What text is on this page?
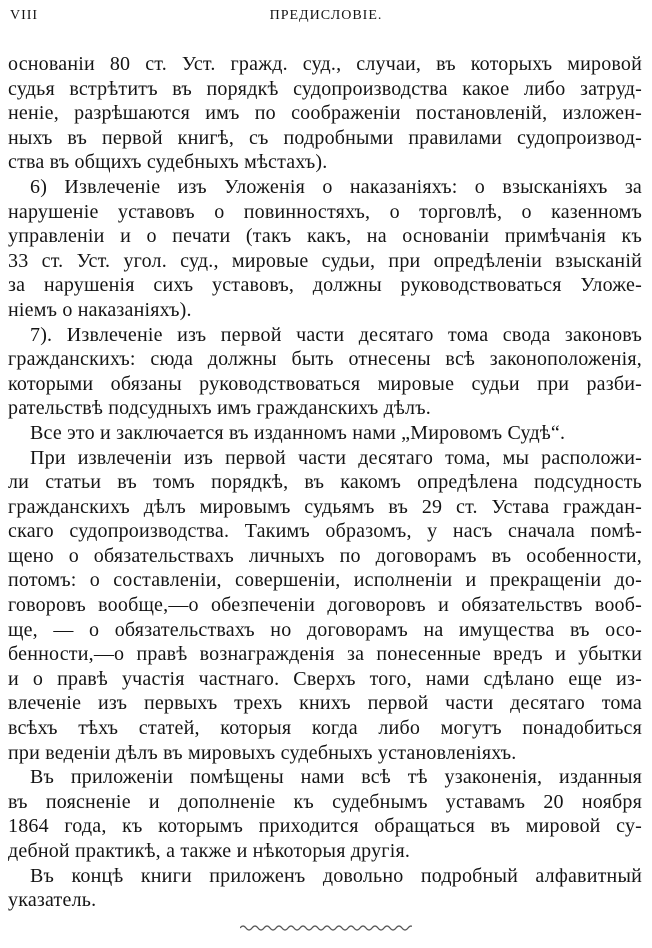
VIII	ПРЕДИСЛОВІЕ.
основанiи 80 ст. Уст. гражд. суд., случаи, въ которыхъ мировой
судья встрѣтитъ въ порядкѣ судопроизводства какое либо затруд-
ненiе, разрѣшаются имъ по соображенiи постановленiй, изложен-
ныхъ въ первой книгѣ, съ подробными правилами судопроизвод-
ства въ общихъ судебныхъ мѣстахъ).
6) Извлеченiе изъ Уложенiя о наказанiяхъ: о взысканiяхъ за
нарушенiе уставовъ о повинностяхъ, о торговлѣ, о казенномъ
управленiи и о печати (такъ какъ, на основанiи примѣчанiя къ
33 ст. Уст. угол. суд., мировые судьи, при опредѣленiи взысканiй
за нарушенiя сихъ уставовъ, должны руководствоваться Уложе-
нiемъ о наказанiяхъ).
7). Извлеченiе изъ первой части десятаго тома свода законовъ
гражданскихъ: сюда должны быть отнесены всѣ законоположенiя,
которыми обязаны руководствоваться мировые судьи при разби-
рательствѣ подсудныхъ имъ гражданскихъ дѣлъ.
Все это и заключается въ изданномъ нами „Мировомъ Судѣ“.
При извлеченiи изъ первой части десятаго тома, мы расположи-
ли статьи въ томъ порядкѣ, въ какомъ опредѣлена подсудность
гражданскихъ дѣлъ мировымъ судьямъ въ 29 ст. Устава граждан-
скаго судопроизводства. Такимъ образомъ, у насъ сначала помѣ-
щено о обязательствахъ личныхъ по договорамъ въ особенности,
потомъ: о составленiи, совершенiи, исполненiи и прекращенiи до-
говоровъ вообще,—о обезпеченiи договоровъ и обязательствъ вооб-
ще, — о обязательствахъ но договорамъ на имущества въ осо-
бенности,—о правѣ вознагражденiя за понесенные вредъ и убытки
и о правѣ участiя частнаго. Сверхъ того, нами сдѣлано еще из-
влеченiе изъ первыхъ трехъ книхъ первой части десятаго тома
всѣхъ тѣхъ статей, которыя когда либо могутъ понадобиться
при веденiи дѣлъ въ мировыхъ судебныхъ установленiяхъ.
Въ приложенiи помѣщены нами всѣ тѣ узаконенiя, изданныя
въ поясненiе и дополненiе къ судебнымъ уставамъ 20 ноября
1864 года, къ которымъ приходится обращаться въ мировой су-
дебной практикѣ, а также и нѣкоторыя другiя.
Въ концѣ книги приложенъ довольно подробный алфавитный
указатель.
